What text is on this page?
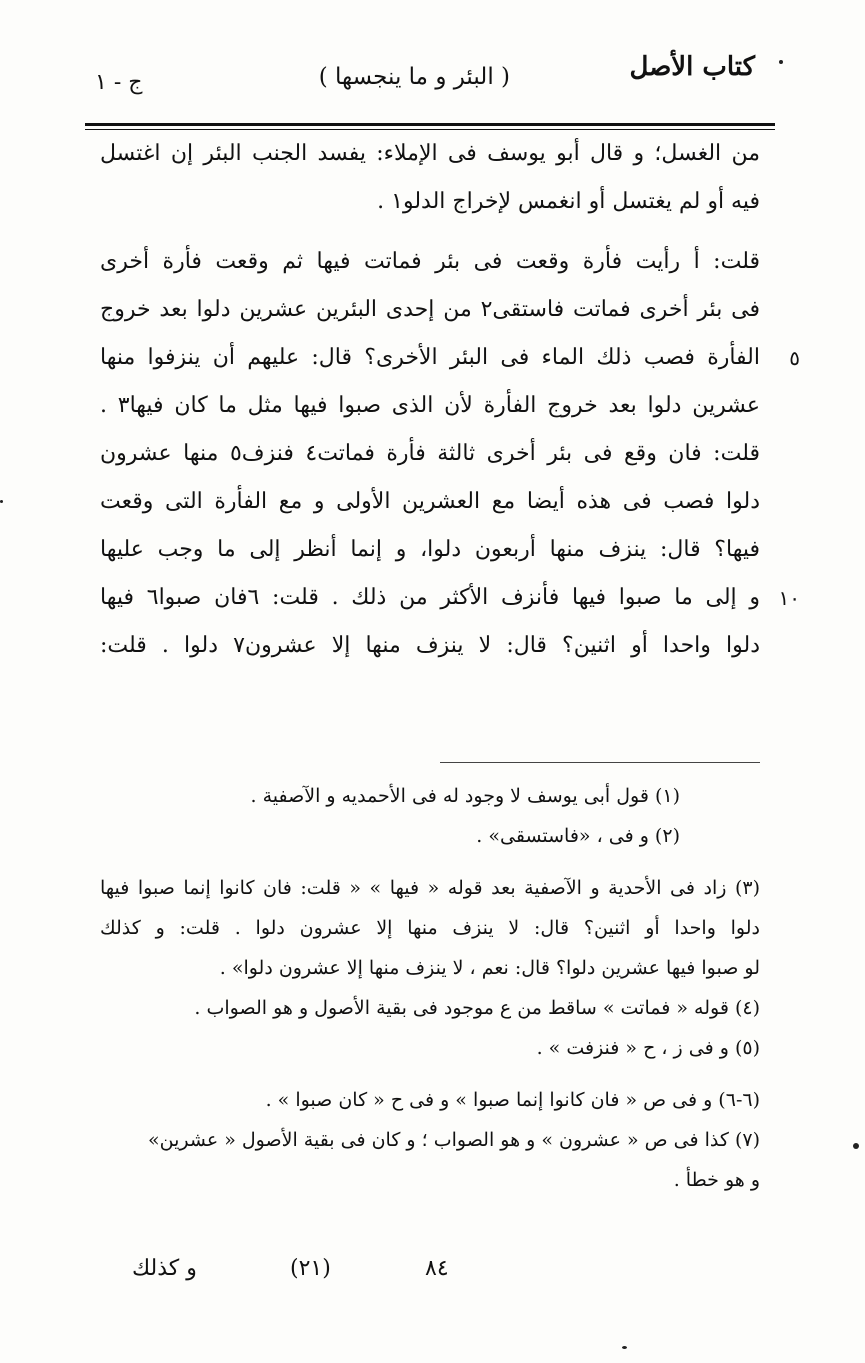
كتاب الأصل
( البئر و ما ينجسها )
ج - ١
من الغسل؛ و قال أبو يوسف فى الإملاء: يفسد الجنب البئر إن اغتسل
فيه أو لم يغتسل أو انغمس لإخراج الدلو١ .
قلت: أ رأيت فأرة وقعت فى بئر فماتت فيها ثم وقعت فأرة أخرى
فى بئر أخرى فماتت فاستقى٢ من إحدى البئرين عشرين دلوا بعد خروج
الفأرة فصب ذلك الماء فى البئر الأخرى؟ قال: عليهم أن ينزفوا منها ٥
عشرين دلوا بعد خروج الفأرة لأن الذى صبوا فيها مثل ما كان فيها٣ .
قلت: فان وقع فى بئر أخرى ثالثة فأرة فماتت٤ فنزف٥ منها عشرون
دلوا فصب فى هذه أيضا مع العشرين الأولى و مع الفأرة التى وقعت
فيها؟ قال: ينزف منها أربعون دلوا، و إنما أنظر إلى ما وجب عليها
و إلى ما صبوا فيها فأنزف الأكثر من ذلك . قلت: ٦فان صبوا٦ فيها ١٠
دلوا واحدا أو اثنين؟ قال: لا ينزف منها إلا عشرون٧ دلوا . قلت:
(١) قول أبى يوسف لا وجود له فى الأحمديه و الآصفية .
(٢) و فى ، «فاستسقى» .
(٣) زاد فى الأحدية و الآصفية بعد قوله « فيها » « قلت: فان كانوا إنما صبوا فيها
دلوا واحدا أو اثنين؟ قال: لا ينزف منها إلا عشرون دلوا . قلت: و كذلك
لو صبوا فيها عشرين دلوا؟ قال: نعم ، لا ينزف منها إلا عشرون دلوا» .
(٤) قوله « فماتت » ساقط من ع موجود فى بقية الأصول و هو الصواب .
(٥) و فى ز ، ح « فنزفت » .
(٦-٦) و فى ص « فان كانوا إنما صبوا » و فى ح « كان صبوا » .
(٧) كذا فى ص « عشرون » و هو الصواب ؛ و كان فى بقية الأصول « عشرين»
و هو خطأ .
و كذلك	(٢١)	٨٤
